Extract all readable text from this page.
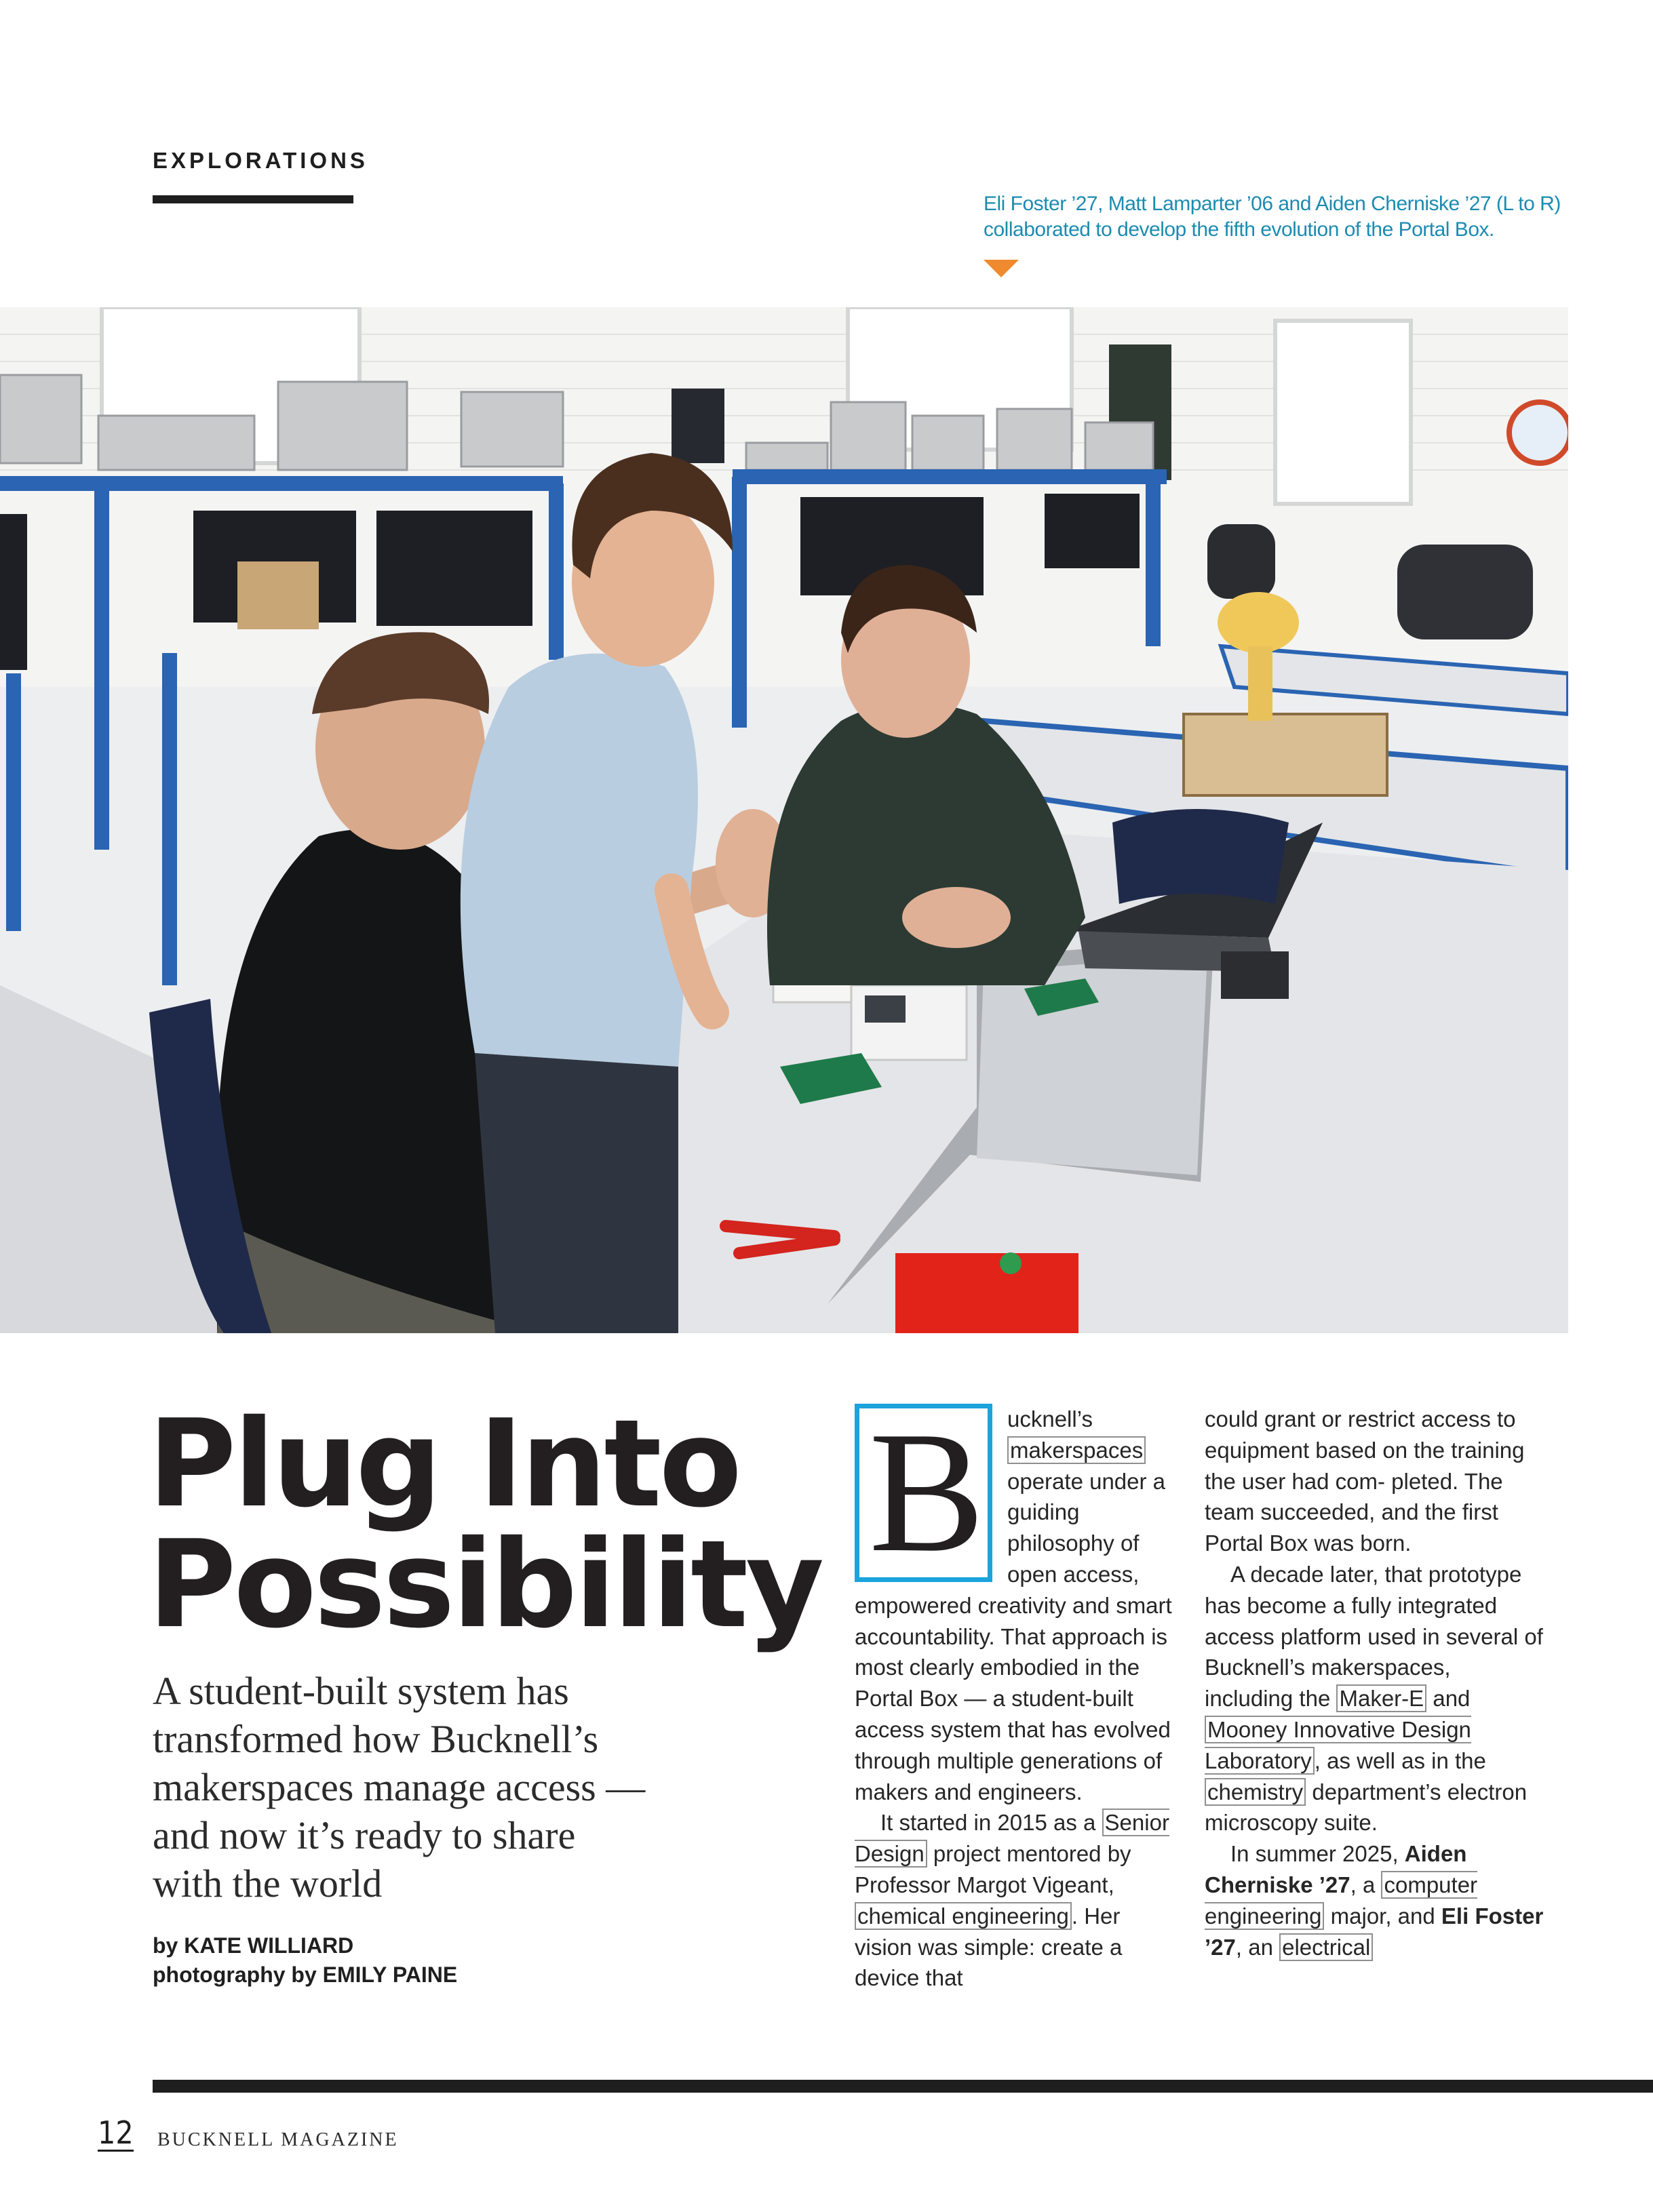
EXPLORATIONS
Eli Foster ’27, Matt Lamparter ’06 and Aiden Cherniske ’27 (L to R)
collaborated to develop the fifth evolution of the Portal Box.
Plug Into
Possibility
A student-built system has
transformed how Bucknell’s
makerspaces manage access —
and now it’s ready to share
with the world
by KATE WILLIARD
photography by EMILY PAINE

B ucknell’s makerspaces operate under a guiding philosophy of open access, empowered creativity and smart accountability. That approach is most clearly embodied in the Portal Box — a student-built access system that has evolved through multiple generations of makers and engineers.

It started in 2015 as a Senior Design project mentored by Professor Margot Vigeant, chemical engineering . Her vision was simple: create a device that

could grant or restrict access to equipment based on the training the user had com- pleted. The team succeeded, and the first Portal Box was born.

A decade later, that prototype has become a fully integrated access platform used in several of Bucknell’s makerspaces, including the Maker-E and Mooney Innovative Design Laboratory , as well as in the chemistry department’s electron microscopy suite.

In summer 2025, Aiden Cherniske ’27, a computer engineering major, and Eli Foster ’27, an electrical

12 BUCKNELL MAGAZINE
